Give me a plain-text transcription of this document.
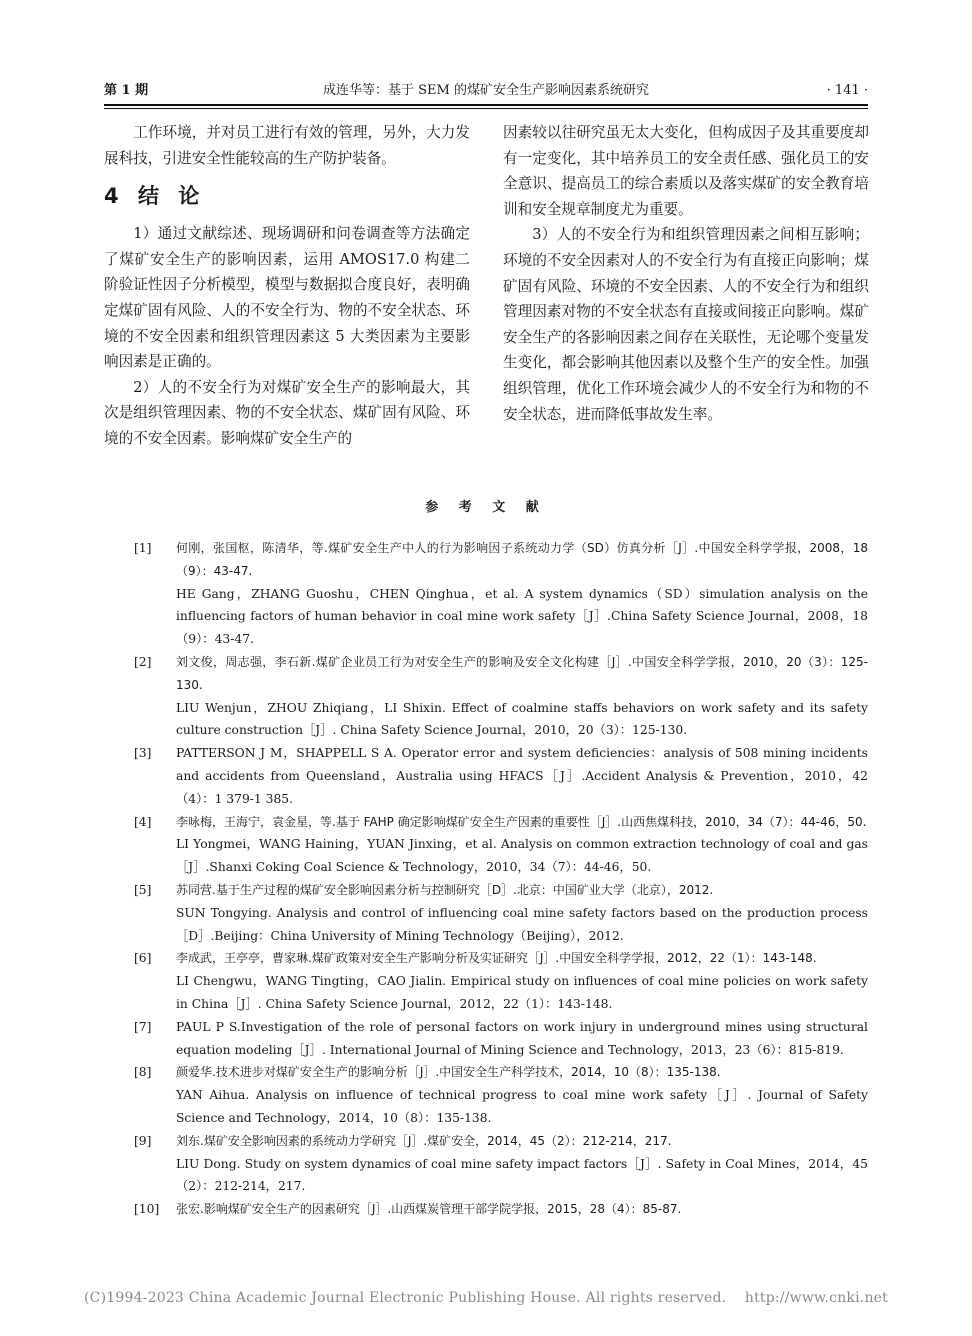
第 1 期	成连华等：基于 SEM 的煤矿安全生产影响因素系统研究	· 141 ·

工作环境，并对员工进行有效的管理，另外，大力发展科技，引进安全性能较高的生产防护装备。

4 结 论

1）通过文献综述、现场调研和问卷调查等方法确定了煤矿安全生产的影响因素，运用 AMOS17.0 构建二阶验证性因子分析模型，模型与数据拟合度良好，表明确定煤矿固有风险、人的不安全行为、物的不安全状态、环境的不安全因素和组织管理因素这 5 大类因素为主要影响因素是正确的。

2）人的不安全行为对煤矿安全生产的影响最大，其次是组织管理因素、物的不安全状态、煤矿固有风险、环境的不安全因素。影响煤矿安全生产的

因素较以往研究虽无太大变化，但构成因子及其重要度却有一定变化，其中培养员工的安全责任感、强化员工的安全意识、提高员工的综合素质以及落实煤矿的安全教育培训和安全规章制度尤为重要。

3）人的不安全行为和组织管理因素之间相互影响；环境的不安全因素对人的不安全行为有直接正向影响；煤矿固有风险、环境的不安全因素、人的不安全行为和组织管理因素对物的不安全状态有直接或间接正向影响。煤矿安全生产的各影响因素之间存在关联性，无论哪个变量发生变化，都会影响其他因素以及整个生产的安全性。加强组织管理，优化工作环境会减少人的不安全行为和物的不安全状态，进而降低事故发生率。

参 考 文 献
[1] 何刚，张国枢，陈清华，等.煤矿安全生产中人的行为影响因子系统动力学（SD）仿真分析［J］.中国安全科学学报，2008，18（9）：43-47.
HE Gang，ZHANG Guoshu，CHEN Qinghua，et al. A system dynamics（SD）simulation analysis on the influencing factors of human behavior in coal mine work safety［J］.China Safety Science Journal，2008，18（9）：43-47.
[2] 刘文俊，周志强，李石新.煤矿企业员工行为对安全生产的影响及安全文化构建［J］.中国安全科学学报，2010，20（3）：125-130.
LIU Wenjun，ZHOU Zhiqiang，LI Shixin. Effect of coalmine staffs behaviors on work safety and its safety culture construction［J］. China Safety Science Journal，2010，20（3）：125-130.
[3] PATTERSON J M，SHAPPELL S A. Operator error and system deficiencies：analysis of 508 mining incidents and accidents from Queensland，Australia using HFACS［J］.Accident Analysis & Prevention，2010，42（4）：1 379-1 385.
[4] 李咏梅，王海宁，袁金星，等.基于 FAHP 确定影响煤矿安全生产因素的重要性［J］.山西焦煤科技，2010，34（7）：44-46，50.
LI Yongmei，WANG Haining，YUAN Jinxing，et al. Analysis on common extraction technology of coal and gas［J］.Shanxi Coking Coal Science & Technology，2010，34（7）：44-46，50.
[5] 苏同营.基于生产过程的煤矿安全影响因素分析与控制研究［D］.北京：中国矿业大学（北京），2012.
SUN Tongying. Analysis and control of influencing coal mine safety factors based on the production process［D］.Beijing：China University of Mining Technology（Beijing），2012.
[6] 李成武，王亭亭，曹家琳.煤矿政策对安全生产影响分析及实证研究［J］.中国安全科学学报，2012，22（1）：143-148.
LI Chengwu，WANG Tingting，CAO Jialin. Empirical study on influences of coal mine policies on work safety in China［J］. China Safety Science Journal，2012，22（1）：143-148.
[7] PAUL P S.Investigation of the role of personal factors on work injury in underground mines using structural equation modeling［J］. International Journal of Mining Science and Technology，2013，23（6）：815-819.
[8] 颜爱华.技术进步对煤矿安全生产的影响分析［J］.中国安全生产科学技术，2014，10（8）：135-138.
YAN Aihua. Analysis on influence of technical progress to coal mine work safety［J］. Journal of Safety Science and Technology，2014，10（8）：135-138.
[9] 刘东.煤矿安全影响因素的系统动力学研究［J］.煤矿安全，2014，45（2）：212-214，217.
LIU Dong. Study on system dynamics of coal mine safety impact factors［J］. Safety in Coal Mines，2014，45（2）：212-214，217.
[10] 张宏.影响煤矿安全生产的因素研究［J］.山西煤炭管理干部学院学报，2015，28（4）：85-87.
(C)1994-2023 China Academic Journal Electronic Publishing House. All rights reserved.    http://www.cnki.net
